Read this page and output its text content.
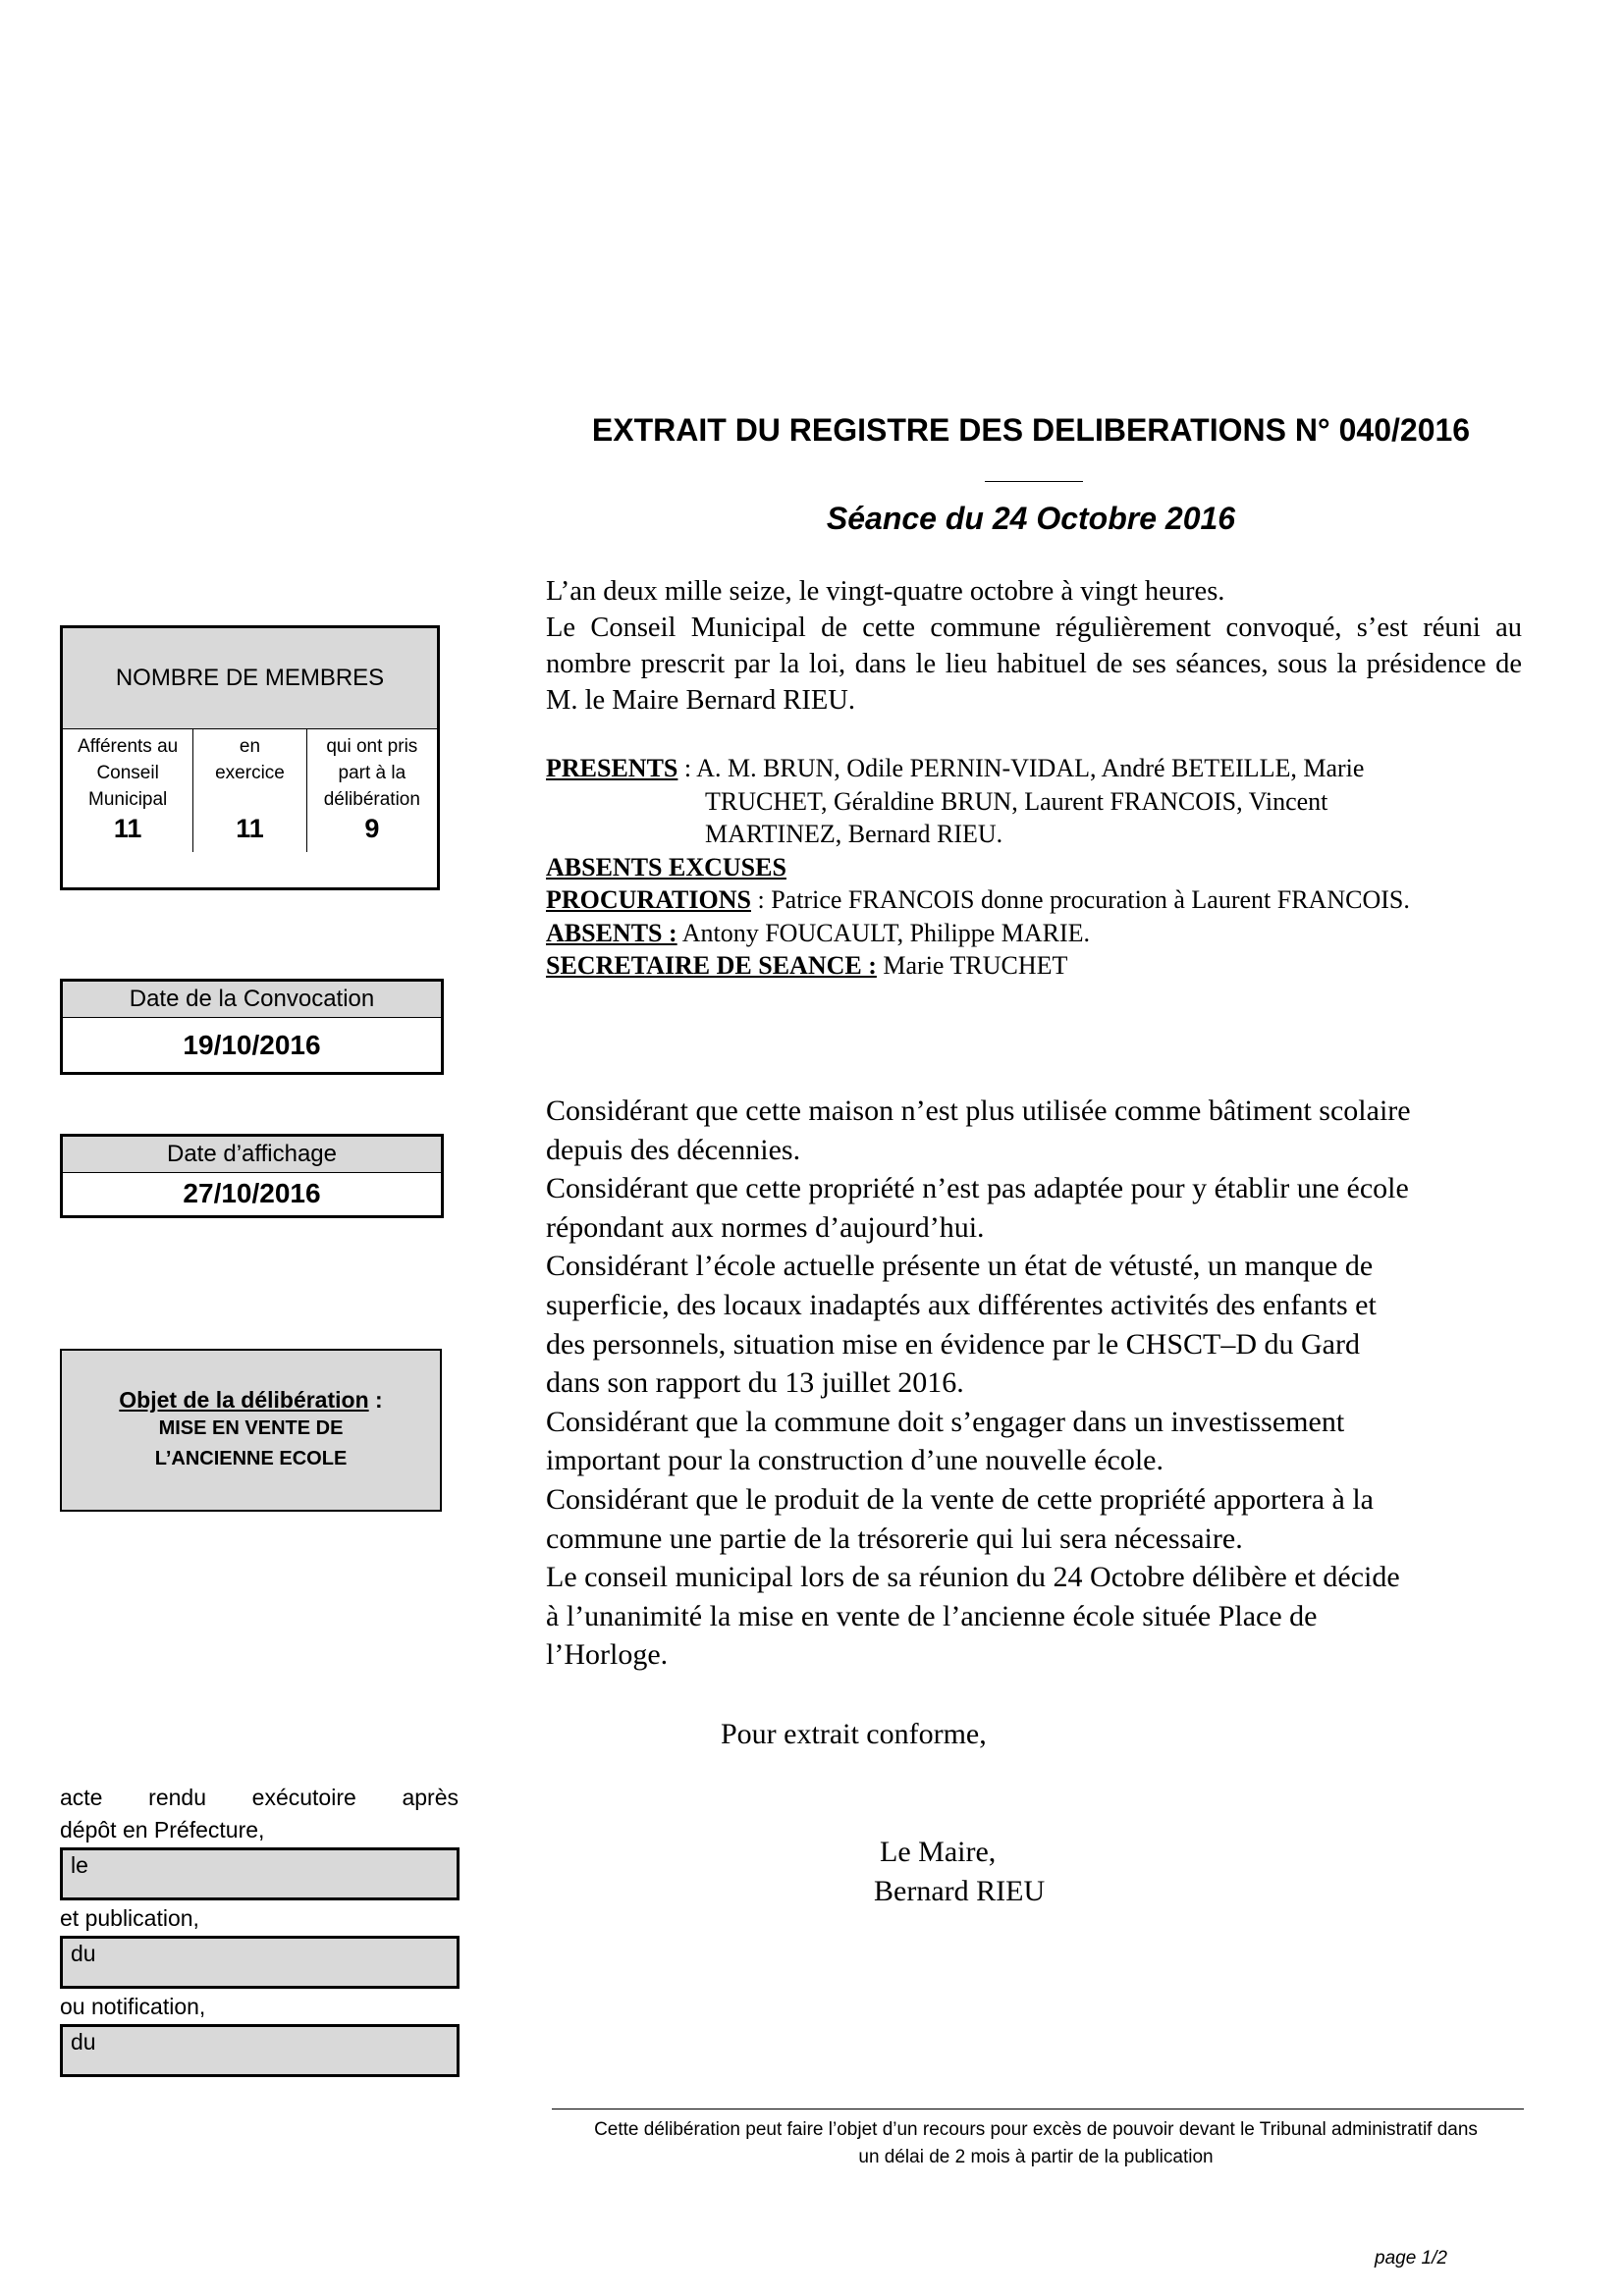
EXTRAIT DU REGISTRE DES DELIBERATIONS N° 040/2016
Séance du 24 Octobre 2016
NOMBRE DE MEMBRES
Afférents au Conseil Municipal
11
en exercice
11
qui ont pris part à la délibération
9
Date de la Convocation
19/10/2016
Date d’affichage
27/10/2016
Objet de la délibération :
MISE EN VENTE DE
L’ANCIENNE ECOLE
L’an deux mille seize, le vingt-quatre octobre à vingt heures.
Le Conseil Municipal de cette commune régulièrement convoqué, s’est réuni au nombre prescrit par la loi, dans le lieu habituel de ses séances, sous la présidence de M. le Maire Bernard RIEU.
PRESENTS : A. M. BRUN, Odile PERNIN-VIDAL, André BETEILLE, Marie
TRUCHET, Géraldine BRUN, Laurent FRANCOIS, Vincent
MARTINEZ, Bernard RIEU.
ABSENTS EXCUSES
PROCURATIONS : Patrice FRANCOIS donne procuration à Laurent FRANCOIS.
ABSENTS : Antony FOUCAULT, Philippe MARIE.
SECRETAIRE DE SEANCE : Marie TRUCHET
Considérant que cette maison n’est plus utilisée comme bâtiment scolaire
depuis des décennies.
Considérant que cette propriété n’est pas adaptée pour y établir une école
répondant aux normes d’aujourd’hui.
Considérant l’école actuelle présente un état de vétusté, un manque de
superficie, des locaux inadaptés aux différentes activités des enfants et
des personnels, situation mise en évidence par le CHSCT–D du Gard
dans son rapport du 13 juillet 2016.
Considérant que la commune doit s’engager dans un investissement
important pour la construction d’une nouvelle école.
Considérant que le produit de la vente de cette propriété apportera à la
commune une partie de la trésorerie qui lui sera nécessaire.
Le conseil municipal lors de sa réunion du 24 Octobre délibère et décide
à l’unanimité la mise en vente de l’ancienne école située Place de
l’Horloge.
Pour extrait conforme,
Le Maire,
Bernard RIEU
acte rendu exécutoire après
dépôt en Préfecture,
le
et publication,
du
ou notification,
du
Cette délibération peut faire l’objet d’un recours pour excès de pouvoir devant le Tribunal administratif dans
un délai de 2 mois à partir de la publication
page 1/2
